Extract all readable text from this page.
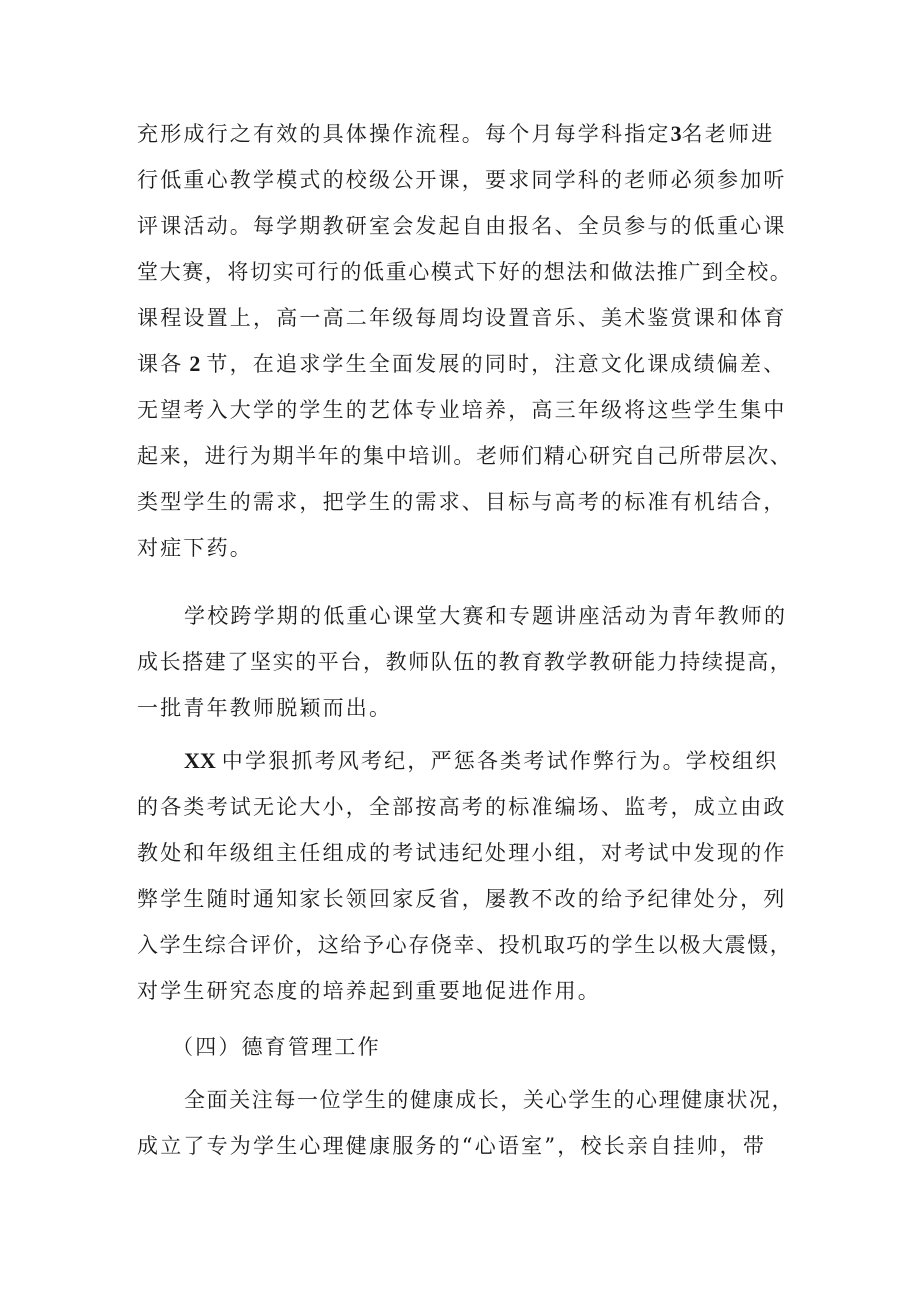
充形成行之有效的具体操作流程。每个月每学科指定3名老师进
行低重心教学模式的校级公开课，要求同学科的老师必须参加听
评课活动。每学期教研室会发起自由报名、全员参与的低重心课
堂大赛，将切实可行的低重心模式下好的想法和做法推广到全校。
课程设置上，高一高二年级每周均设置音乐、美术鉴赏课和体育
课各 2 节，在追求学生全面发展的同时，注意文化课成绩偏差、
无望考入大学的学生的艺体专业培养，高三年级将这些学生集中
起来，进行为期半年的集中培训。老师们精心研究自己所带层次、
类型学生的需求，把学生的需求、目标与高考的标准有机结合，
对症下药。
学校跨学期的低重心课堂大赛和专题讲座活动为青年教师的
成长搭建了坚实的平台，教师队伍的教育教学教研能力持续提高，
一批青年教师脱颖而出。
XX 中学狠抓考风考纪，严惩各类考试作弊行为。学校组织
的各类考试无论大小，全部按高考的标准编场、监考，成立由政
教处和年级组主任组成的考试违纪处理小组，对考试中发现的作
弊学生随时通知家长领回家反省，屡教不改的给予纪律处分，列
入学生综合评价，这给予心存侥幸、投机取巧的学生以极大震慑，
对学生研究态度的培养起到重要地促进作用。
（四）德育管理工作
全面关注每一位学生的健康成长，关心学生的心理健康状况，
成立了专为学生心理健康服务的“心语室”，校长亲自挂帅，带
